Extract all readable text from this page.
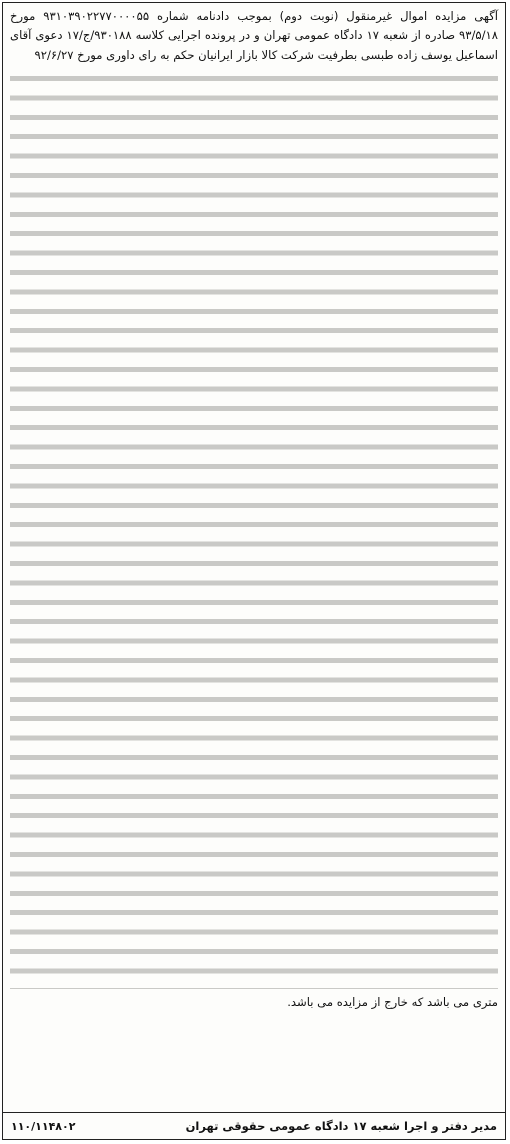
آگهی مزایده اموال غیرمنقول (نوبت دوم) بموجب دادنامه شماره ۹۳۱۰۳۹۰۲۲۷۷۰۰۰۰۵۵ مورخ ۹۳/۵/۱۸ صادره از شعبه ۱۷ دادگاه عمومی تهران و در پرونده اجرایی کلاسه ۹۳۰۱۸۸/ج/۱۷ دعوی آقای اسماعیل یوسف زاده طبسی بطرفیت شرکت کالا بازار ایرانیان حکم به رای داوری مورخ ۹۲/۶/۲۷

متری می باشد که خارج از مزایده می باشد.

مدیر دفتر و اجرا شعبه ۱۷ دادگاه عمومی حقوقی تهران
۱۱۰/۱۱۴۸۰۲
